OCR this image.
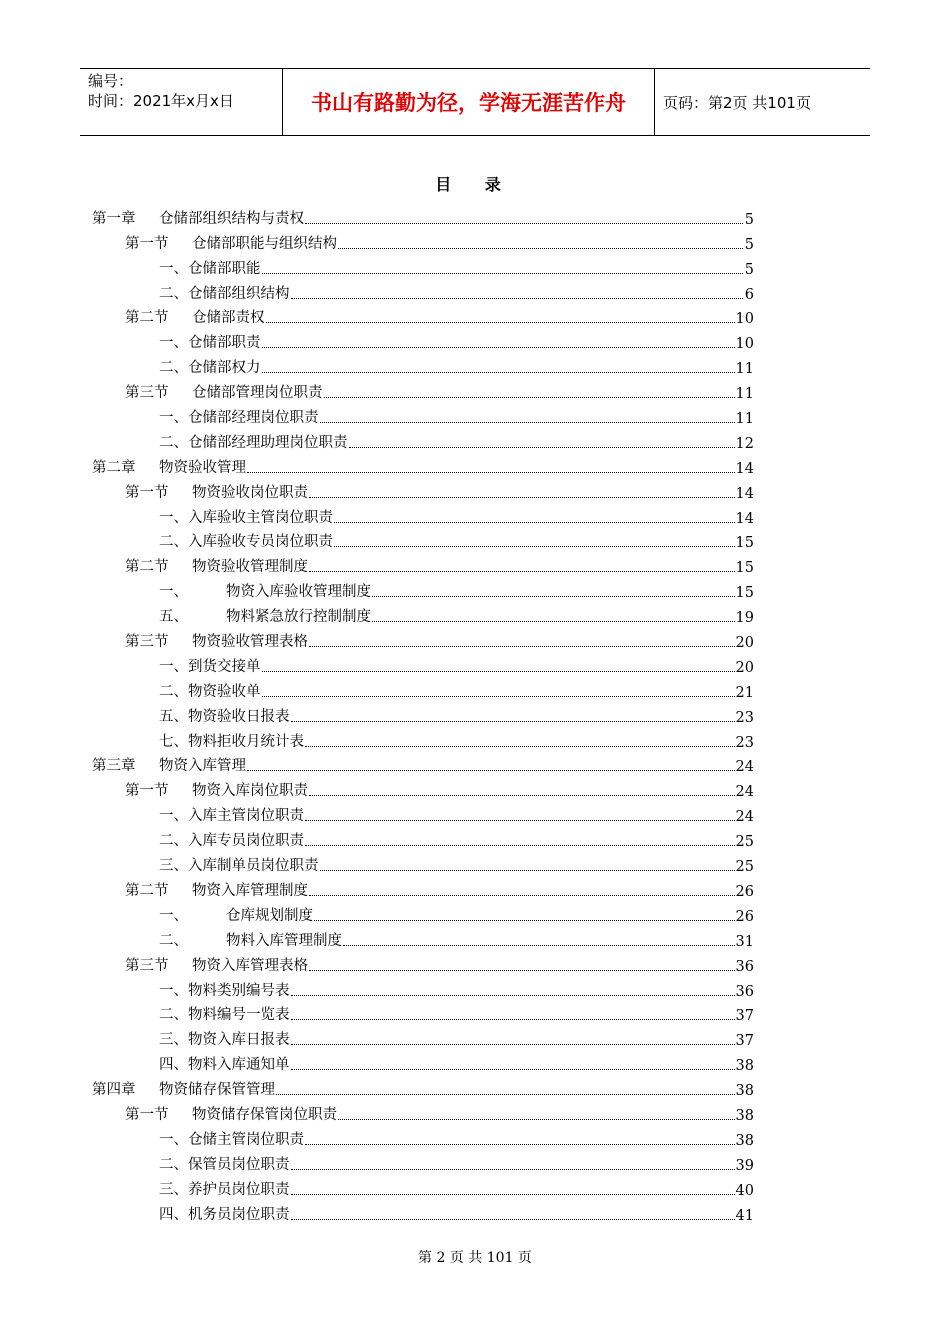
编号：
时间：2021年x月x日	书山有路勤为径，学海无涯苦作舟	页码：第2页 共101页
目 录
第一章	仓储部组织结构与责权	5
第一节	仓储部职能与组织结构	5
一、 仓储部职能	5
二、 仓储部组织结构	6
第二节	仓储部责权	10
一、 仓储部职责	10
二、 仓储部权力	11
第三节	仓储部管理岗位职责	11
一、 仓储部经理岗位职责	11
二、 仓储部经理助理岗位职责	12
第二章	物资验收管理	14
第一节	物资验收岗位职责	14
一、 入库验收主管岗位职责	14
二、 入库验收专员岗位职责	15
第二节	物资验收管理制度	15
一、	物资入库验收管理制度	15
五、	物料紧急放行控制制度	19
第三节	物资验收管理表格	20
一、 到货交接单	20
二、 物资验收单	21
五、 物资验收日报表	23
七、 物料拒收月统计表	23
第三章	物资入库管理	24
第一节	物资入库岗位职责	24
一、 入库主管岗位职责	24
二、 入库专员岗位职责	25
三、 入库制单员岗位职责	25
第二节	物资入库管理制度	26
一、	仓库规划制度	26
二、	物料入库管理制度	31
第三节	物资入库管理表格	36
一、 物料类别编号表	36
二、 物料编号一览表	37
三、 物资入库日报表	37
四、 物料入库通知单	38
第四章	物资储存保管管理	38
第一节	物资储存保管岗位职责	38
一、 仓储主管岗位职责	38
二、 保管员岗位职责	39
三、 养护员岗位职责	40
四、 机务员岗位职责	41
第 2 页 共 101 页
